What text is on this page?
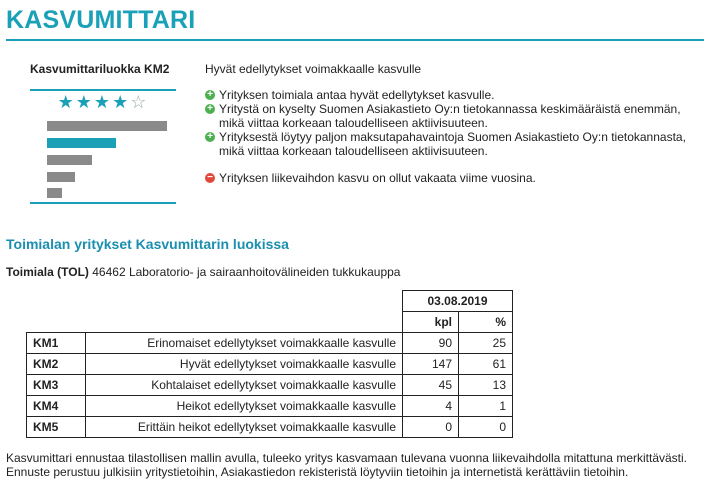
KASVUMITTARI
Kasvumittariluokka KM2
★★★★☆
Hyvät edellytykset voimakkaalle kasvulle
+ Yrityksen toimiala antaa hyvät edellytykset kasvulle.
+ Yritystä on kyselty Suomen Asiakastieto Oy:n tietokannassa keskimääräistä enemmän, mikä viittaa korkeaan taloudelliseen aktiivisuuteen.
+ Yrityksestä löytyy paljon maksutapahavaintoja Suomen Asiakastieto Oy:n tietokannasta, mikä viittaa korkeaan taloudelliseen aktiivisuuteen.
− Yrityksen liikevaihdon kasvu on ollut vakaata viime vuosina.
Toimialan yritykset Kasvumittarin luokissa
Toimiala (TOL) 46462 Laboratorio- ja sairaanhoitovälineiden tukkukauppa
		03.08.2019	
		kpl	%
KM1	Erinomaiset edellytykset voimakkaalle kasvulle	90	25
KM2	Hyvät edellytykset voimakkaalle kasvulle	147	61
KM3	Kohtalaiset edellytykset voimakkaalle kasvulle	45	13
KM4	Heikot edellytykset voimakkaalle kasvulle	4	1
KM5	Erittäin heikot edellytykset voimakkaalle kasvulle	0	0
Kasvumittari ennustaa tilastollisen mallin avulla, tuleeko yritys kasvamaan tulevana vuonna liikevaihdolla mitattuna merkittävästi.
Ennuste perustuu julkisiin yritystietoihin, Asiakastiedon rekisteristä löytyviin tietoihin ja internetistä kerättäviin tietoihin.
